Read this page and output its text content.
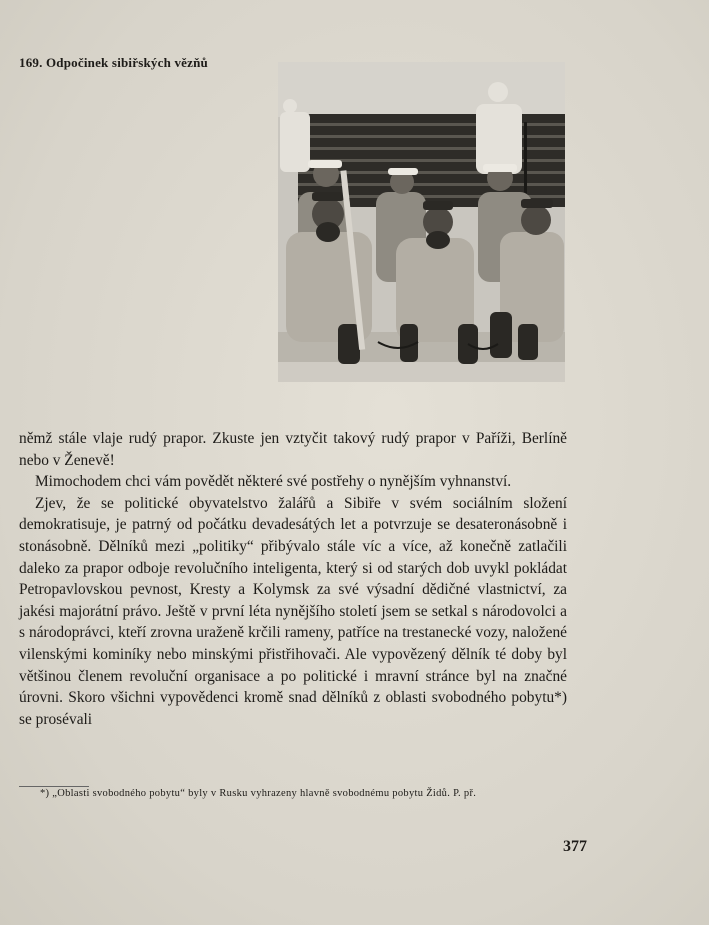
169. Odpočinek sibiřských vězňů

němž stále vlaje rudý prapor. Zkuste jen vztyčit takový rudý prapor v Paříži, Berlíně nebo v Ženevě!

Mimochodem chci vám povědět některé své postřehy o nynějším vyhnanství.

Zjev, že se politické obyvatelstvo žalářů a Sibiře v svém sociálním složení demokratisuje, je patrný od počátku devadesátých let a potvrzuje se desateronásobně i stonásobně. Dělníků mezi „politiky“ přibývalo stále víc a více, až konečně zatlačili daleko za prapor odboje revolučního inteligenta, který si od starých dob uvykl pokládat Petropavlovskou pevnost, Kresty a Kolymsk za své výsadní dědičné vlastnictví, za jakési majorátní právo. Ještě v první léta nynějšího století jsem se setkal s národovolci a s národoprávci, kteří zrovna uraženě krčili rameny, patříce na trestanecké vozy, naložené vilenskými kominíky nebo minskými přistřihovači. Ale vypovězený dělník té doby byl většinou členem revoluční organisace a po politické i mravní stránce byl na značné úrovni. Skoro všichni vypovědenci kromě snad dělníků z oblasti svobodného pobytu*) se prosévali

*) „Oblasti svobodného pobytu“ byly v Rusku vyhrazeny hlavně svobodnému pobytu Židů. P. př.
377
